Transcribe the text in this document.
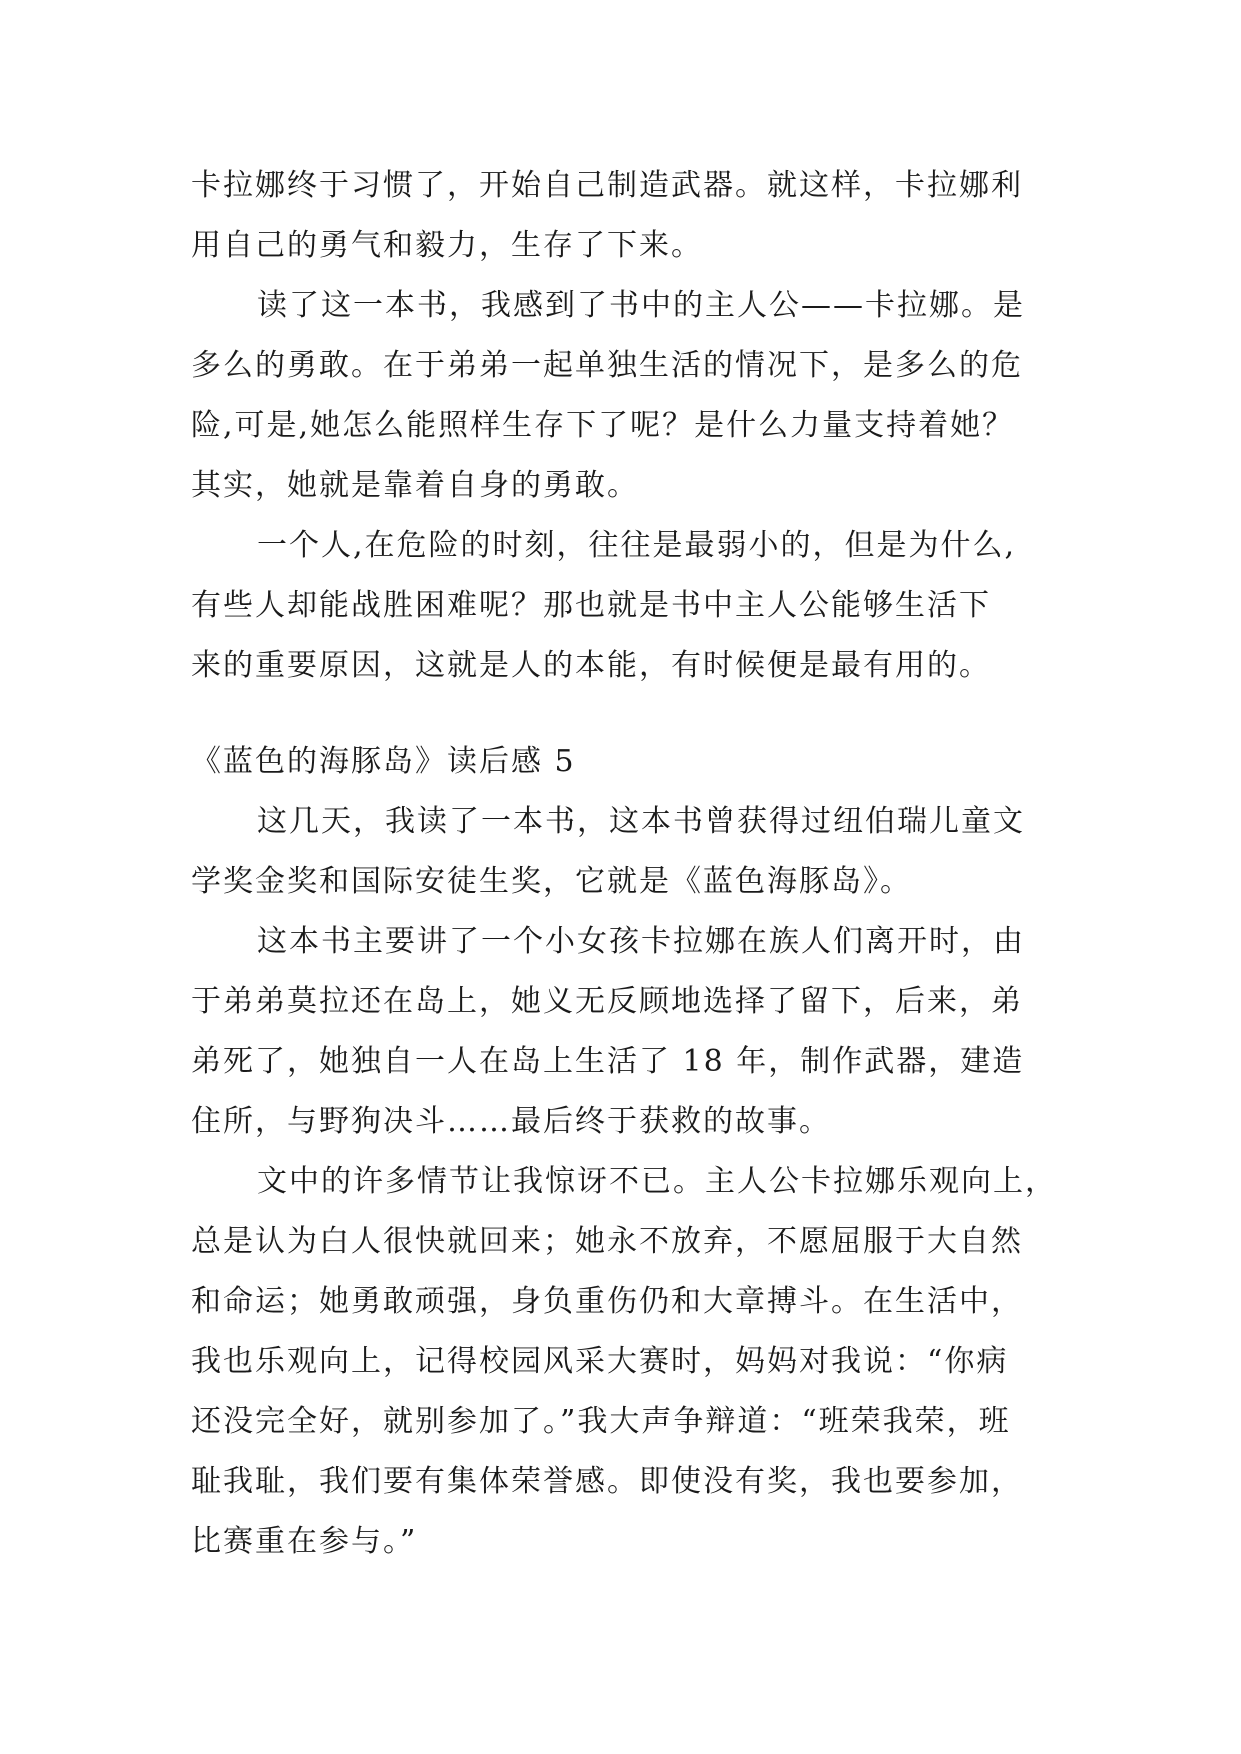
卡拉娜终于习惯了，开始自己制造武器。就这样，卡拉娜利
用自己的勇气和毅力，生存了下来。
读了这一本书，我感到了书中的主人公——卡拉娜。是
多么的勇敢。在于弟弟一起单独生活的情况下，是多么的危
险,可是,她怎么能照样生存下了呢？是什么力量支持着她？
其实，她就是靠着自身的勇敢。
一个人,在危险的时刻，往往是最弱小的，但是为什么,
有些人却能战胜困难呢？那也就是书中主人公能够生活下
来的重要原因，这就是人的本能，有时候便是最有用的。
《蓝色的海豚岛》读后感 5
这几天，我读了一本书，这本书曾获得过纽伯瑞儿童文
学奖金奖和国际安徒生奖，它就是《蓝色海豚岛》。
这本书主要讲了一个小女孩卡拉娜在族人们离开时，由
于弟弟莫拉还在岛上，她义无反顾地选择了留下，后来，弟
弟死了，她独自一人在岛上生活了 18 年，制作武器，建造
住所，与野狗决斗……最后终于获救的故事。
文中的许多情节让我惊讶不已。主人公卡拉娜乐观向上，
总是认为白人很快就回来；她永不放弃，不愿屈服于大自然
和命运；她勇敢顽强，身负重伤仍和大章搏斗。在生活中，
我也乐观向上，记得校园风采大赛时，妈妈对我说：“你病
还没完全好，就别参加了。”我大声争辩道：“班荣我荣，班
耻我耻，我们要有集体荣誉感。即使没有奖，我也要参加，
比赛重在参与。”
